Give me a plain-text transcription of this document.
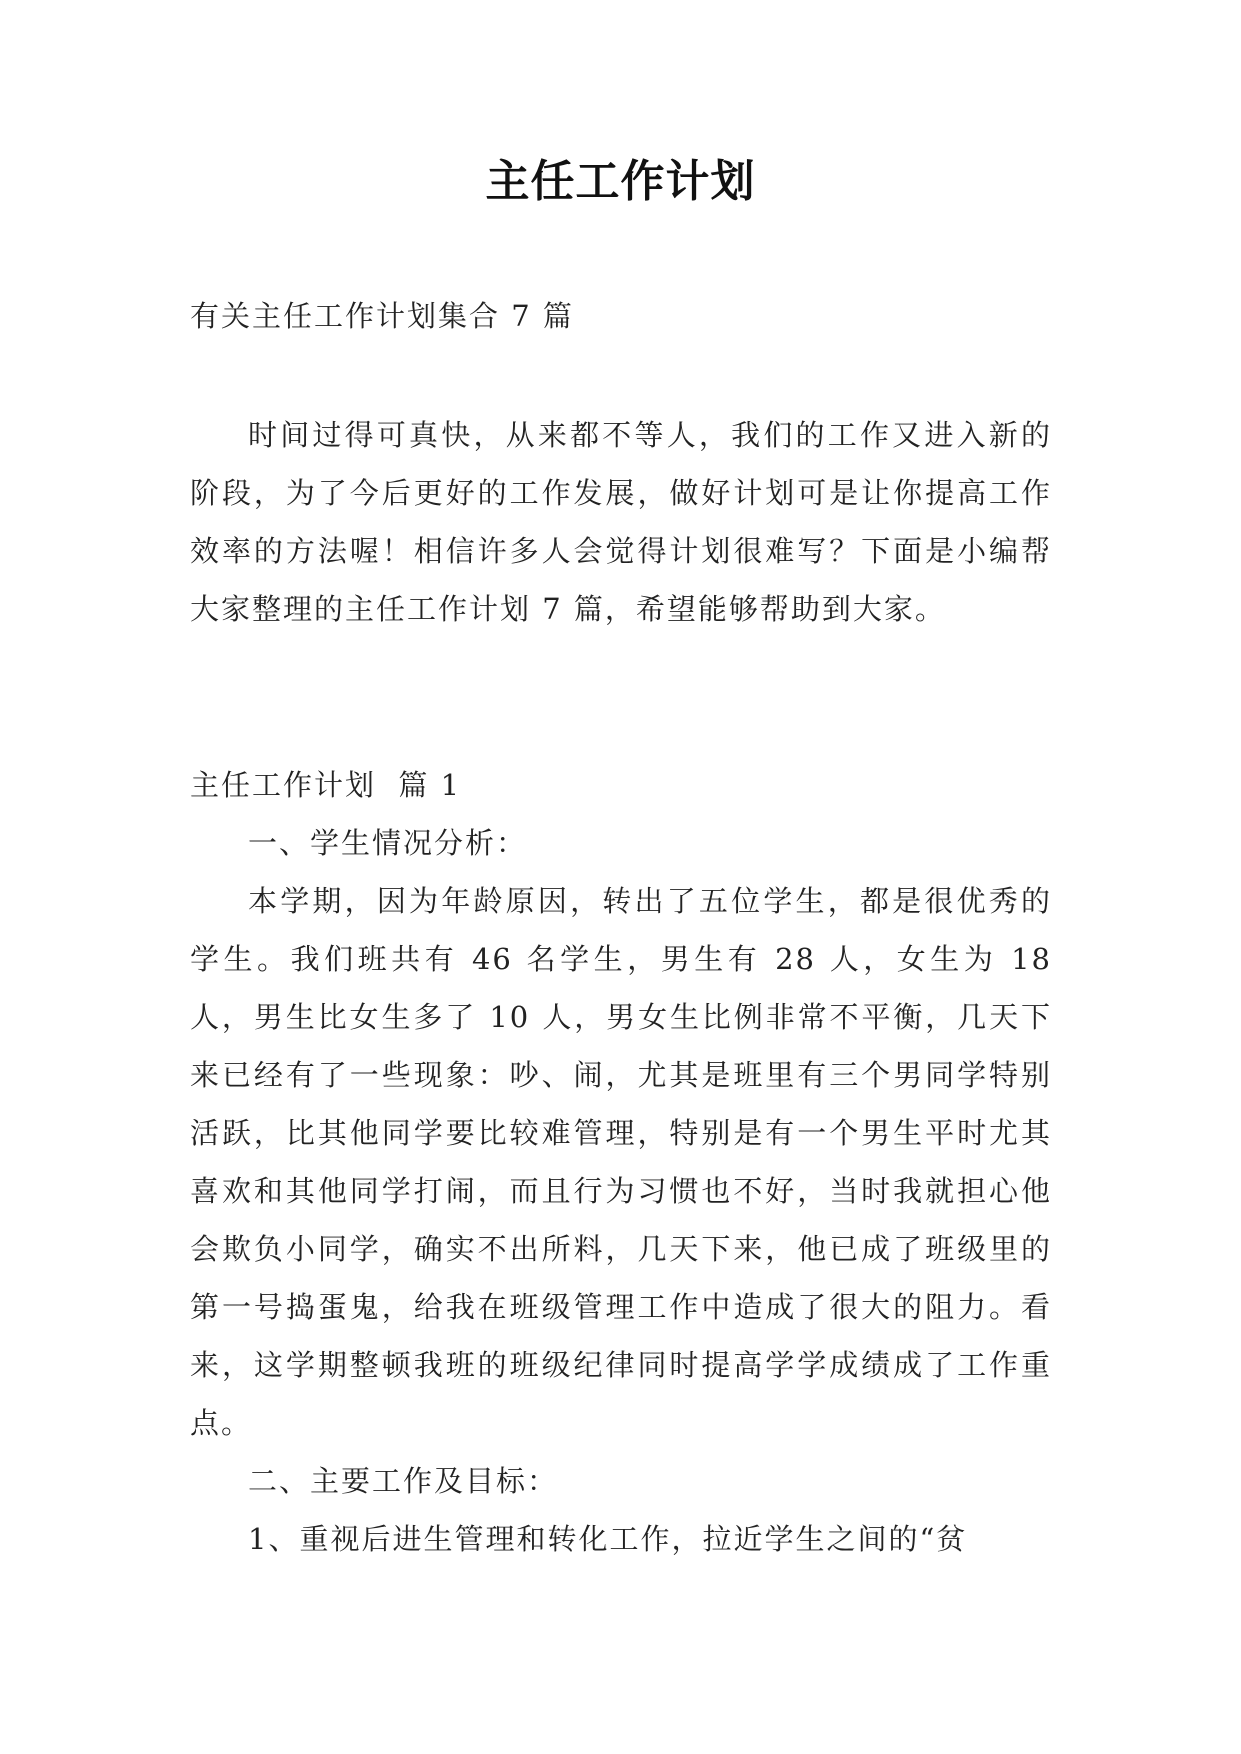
主任工作计划
有关主任工作计划集合 7 篇

时间过得可真快，从来都不等人，我们的工作又进入新的阶段，为了今后更好的工作发展，做好计划可是让你提高工作效率的方法喔！相信许多人会觉得计划很难写？下面是小编帮大家整理的主任工作计划 7 篇，希望能够帮助到大家。

主任工作计划  篇 1

一、学生情况分析：

本学期，因为年龄原因，转出了五位学生，都是很优秀的学生。我们班共有 46 名学生，男生有 28 人，女生为 18 人，男生比女生多了 10 人，男女生比例非常不平衡，几天下来已经有了一些现象：吵、闹，尤其是班里有三个男同学特别活跃，比其他同学要比较难管理，特别是有一个男生平时尤其喜欢和其他同学打闹，而且行为习惯也不好，当时我就担心他会欺负小同学，确实不出所料，几天下来，他已成了班级里的第一号捣蛋鬼，给我在班级管理工作中造成了很大的阻力。看来，这学期整顿我班的班级纪律同时提高学学成绩成了工作重点。

二、主要工作及目标：

1、重视后进生管理和转化工作，拉近学生之间的“贫
